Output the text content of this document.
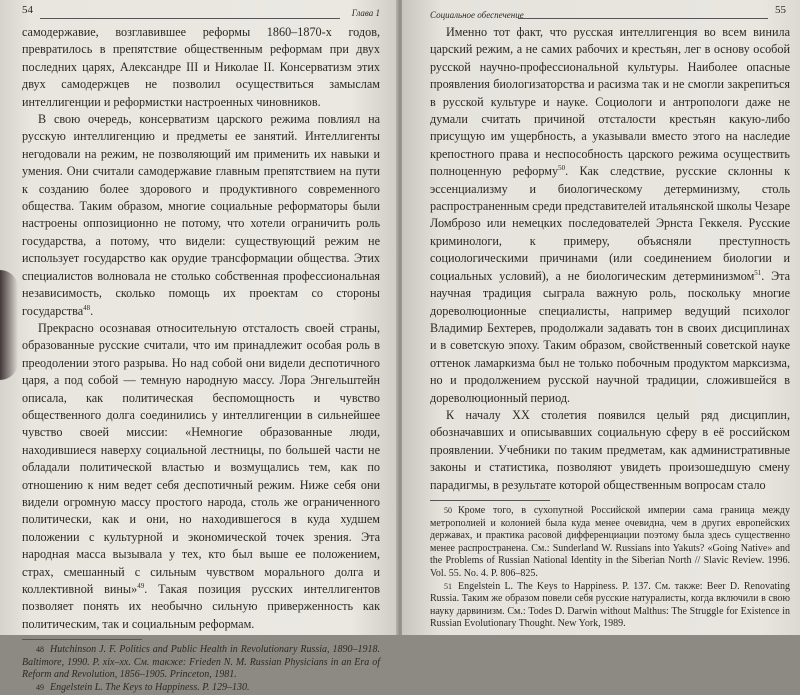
54	Глава 1

самодержавие, возглавившее реформы 1860–1870-х годов, превратилось в препятствие общественным реформам при двух последних царях, Александре III и Николае II. Консерватизм этих двух самодержцев не позволил осуществиться замыслам интеллигенции и реформистки настроенных чиновников.

В свою очередь, консерватизм царского режима повлиял на русскую интеллигенцию и предметы ее занятий. Интеллигенты негодовали на режим, не позволяющий им применить их навыки и умения. Они считали самодержавие главным препятствием на пути к созданию более здорового и продуктивного современного общества. Таким образом, многие социальные реформаторы были настроены оппозиционно не потому, что хотели ограничить роль государства, а потому, что видели: существующий режим не использует государство как орудие трансформации общества. Этих специалистов волновала не столько собственная профессиональная независимость, сколько помощь их проектам со стороны государства$^{48}$.

Прекрасно осознавая относительную отсталость своей страны, образованные русские считали, что им принадлежит особая роль в преодолении этого разрыва. Но над собой они видели деспотичного царя, а под собой — темную народную массу. Лора Энгельштейн описала, как политическая беспомощность и чувство общественного долга соединились у интеллигенции в сильнейшее чувство своей миссии: «Немногие образованные люди, находившиеся наверху социальной лестницы, по большей части не обладали политической властью и возмущались тем, как по отношению к ним ведет себя деспотичный режим. Ниже себя они видели огромную массу простого народа, столь же ограниченного политически, как и они, но находившегося в куда худшем положении с культурной и экономической точек зрения. Эта народная масса вызывала у тех, кто был выше ее положением, страх, смешанный с сильным чувством морального долга и коллективной вины»$^{49}$. Такая позиция русских интеллигентов позволяет понять их необычно сильную приверженность как политическим, так и социальным реформам.

48 Hutchinson J. F. Politics and Public Health in Revolutionary Russia, 1890–1918. Baltimore, 1990. P. xix–xx. См. также: Frieden N. M. Russian Physicians in an Era of Reform and Revolution, 1856–1905. Princeton, 1981.

49 Engelstein L. The Keys to Happiness. P. 129–130.

Социальное обеспечение	55

Именно тот факт, что русская интеллигенция во всем винила царский режим, а не самих рабочих и крестьян, лег в основу особой русской научно-профессиональной культуры. Наиболее опасные проявления биологизаторства и расизма так и не смогли закрепиться в русской культуре и науке. Социологи и антропологи даже не думали считать причиной отсталости крестьян какую-либо присущую им ущербность, а указывали вместо этого на наследие крепостного права и неспособность царского режима осуществить полноценную реформу$^{50}$. Как следствие, русские склонны к эссенциализму и биологическому детерминизму, столь распространенным среди представителей итальянской школы Чезаре Ломброзо или немецких последователей Эрнста Геккеля. Русские криминологи, к примеру, объясняли преступность социологическими причинами (или соединением биологии и социальных условий), а не биологическим детерминизмом$^{51}$. Эта научная традиция сыграла важную роль, поскольку многие дореволюционные специалисты, например ведущий психолог Владимир Бехтерев, продолжали задавать тон в своих дисциплинах и в советскую эпоху. Таким образом, свойственный советской науке оттенок ламаркизма был не только побочным продуктом марксизма, но и продолжением русской научной традиции, сложившейся в дореволюционный период.

К началу XX столетия появился целый ряд дисциплин, обозначавших и описывавших социальную сферу в её российском проявлении. Учебники по таким предметам, как административные законы и статистика, позволяют увидеть произошедшую смену парадигмы, в результате которой общественным вопросам стало

50 Кроме того, в сухопутной Российской империи сама граница между метрополией и колонией была куда менее очевидна, чем в других европейских державах, и практика расовой дифференциации поэтому была здесь существенно менее распространена. См.: Sunderland W. Russians into Yakuts? «Going Native» and the Problems of Russian National Identity in the Siberian North // Slavic Review. 1996. Vol. 55. No. 4. P. 806–825.

51 Engelstein L. The Keys to Happiness. P. 137. См. также: Beer D. Renovating Russia. Таким же образом повели себя русские натуралисты, когда включили в свою науку дарвинизм. См.: Todes D. Darwin without Malthus: The Struggle for Existence in Russian Evolutionary Thought. New York, 1989.
